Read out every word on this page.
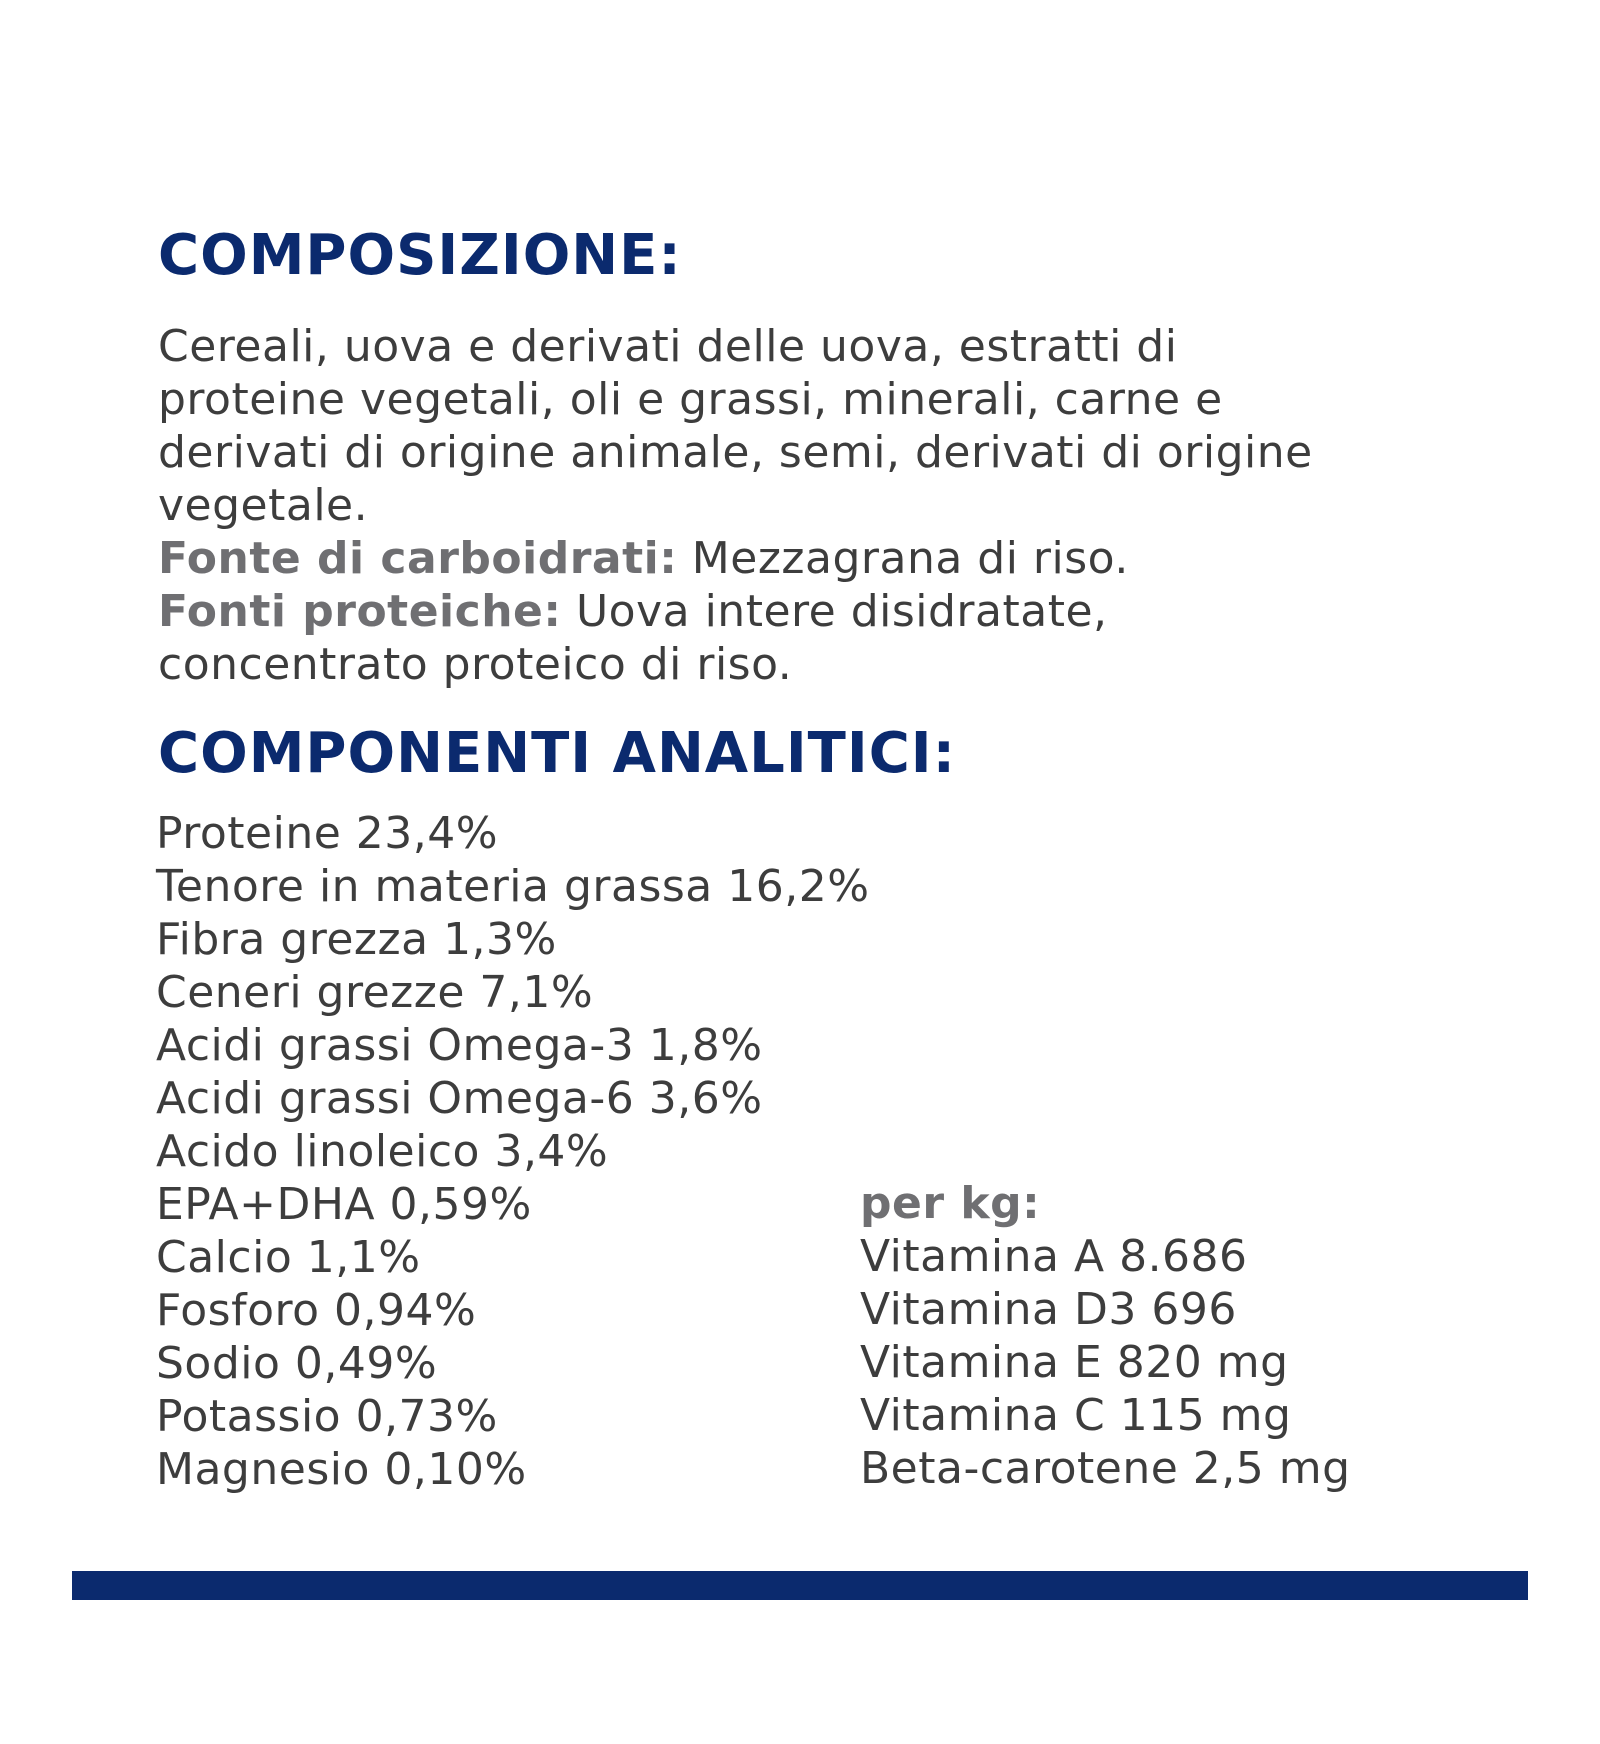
COMPOSIZIONE:

Cereali, uova e derivati delle uova, estratti di proteine vegetali, oli e grassi, minerali, carne e derivati di origine animale, semi, derivati di origine vegetale.
Fonte di carboidrati: Mezzagrana di riso.
Fonti proteiche: Uova intere disidratate, concentrato proteico di riso.

COMPONENTI ANALITICI:
Proteine 23,4%
Tenore in materia grassa 16,2%
Fibra grezza 1,3%
Ceneri grezze 7,1%
Acidi grassi Omega-3 1,8%
Acidi grassi Omega-6 3,6%
Acido linoleico 3,4%
EPA+DHA 0,59%
Calcio 1,1%
Fosforo 0,94%
Sodio 0,49%
Potassio 0,73%
Magnesio 0,10%
per kg:
Vitamina A 8.686
Vitamina D3 696
Vitamina E 820 mg
Vitamina C 115 mg
Beta-carotene 2,5 mg
